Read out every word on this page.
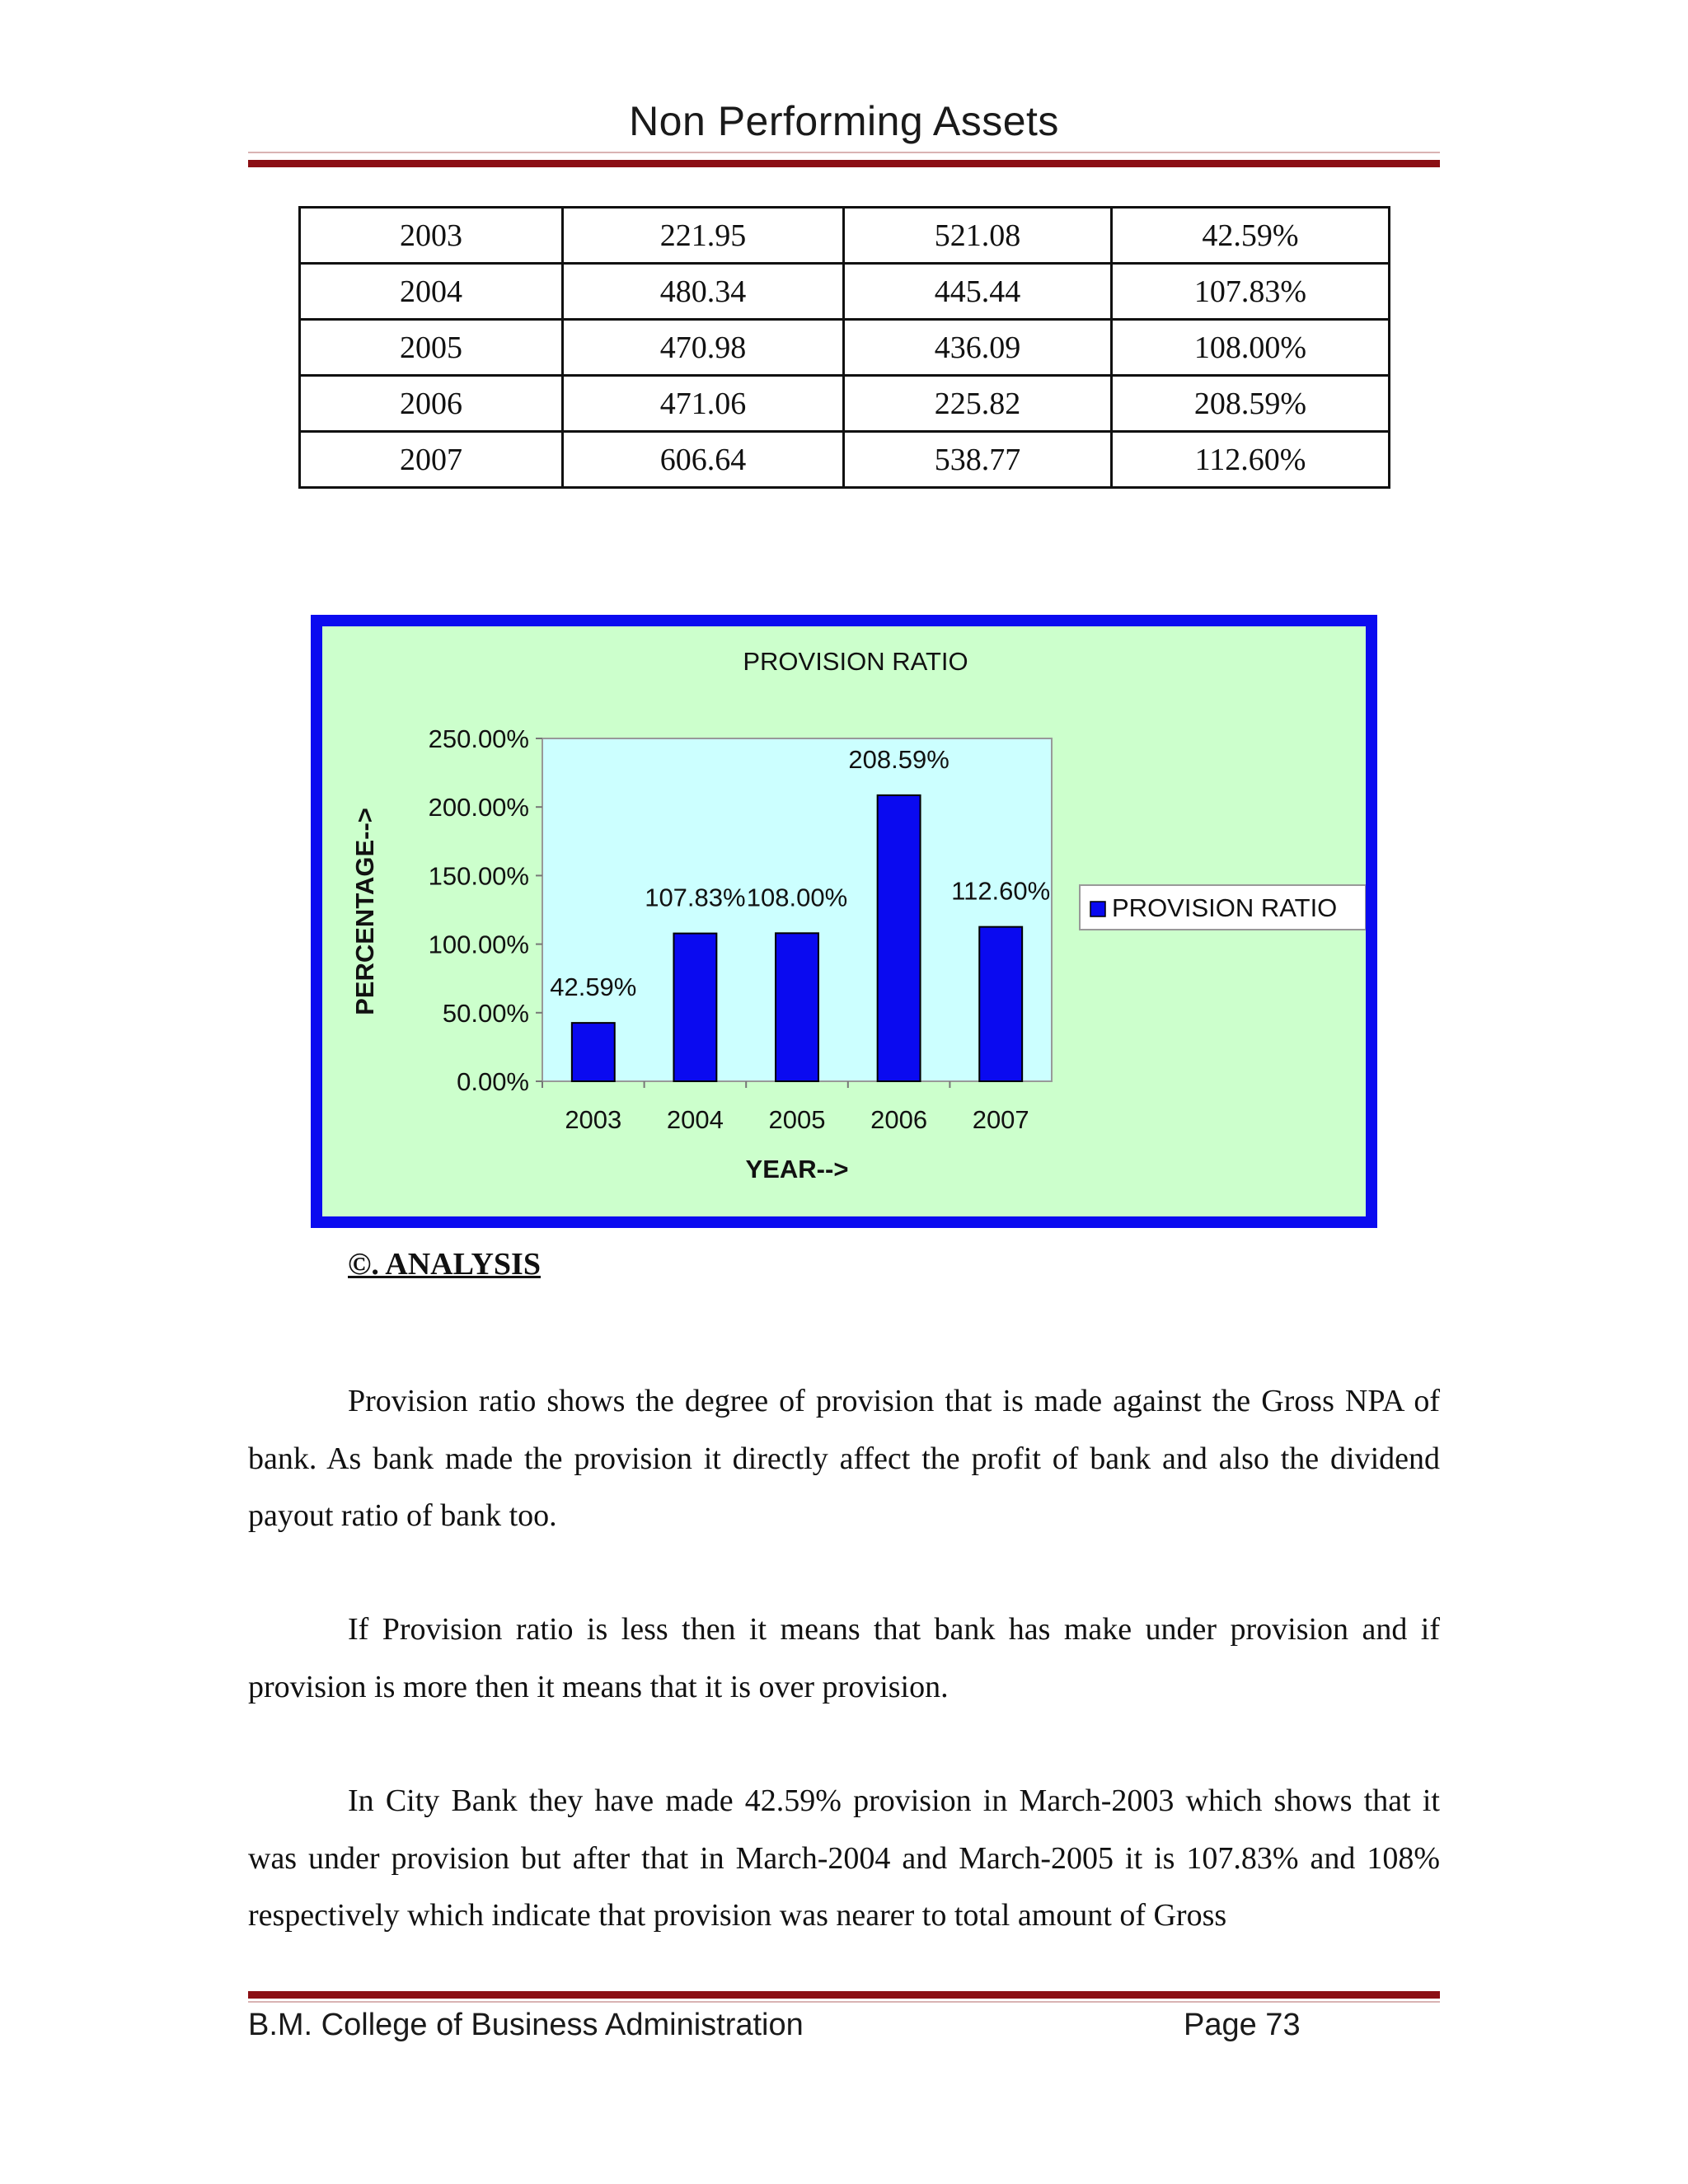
Non Performing Assets
2003	221.95	521.08	42.59%
2004	480.34	445.44	107.83%
2005	470.98	436.09	108.00%
2006	471.06	225.82	208.59%
2007	606.64	538.77	112.60%
PROVISION RATIO
0.00%
50.00%
100.00%
150.00%
200.00%
250.00%
2003 2004 2005 2006 2007
42.59%
107.83% 108.00%
208.59%
112.60%
PERCENTAGE-->
YEAR-->
PROVISION RATIO
©. ANALYSIS

Provision ratio shows the degree of provision that is made against the Gross NPA of bank. As bank made the provision it directly affect the profit of bank and also the dividend payout ratio of bank too.

If Provision ratio is less then it means that bank has make under provision and if provision is more then it means that it is over provision.

In City Bank they have made 42.59% provision in March-2003 which shows that it was under provision but after that in March-2004 and March-2005 it is 107.83% and 108% respectively which indicate that provision was nearer to total amount of Gross

B.M. College of Business Administration	Page 73
